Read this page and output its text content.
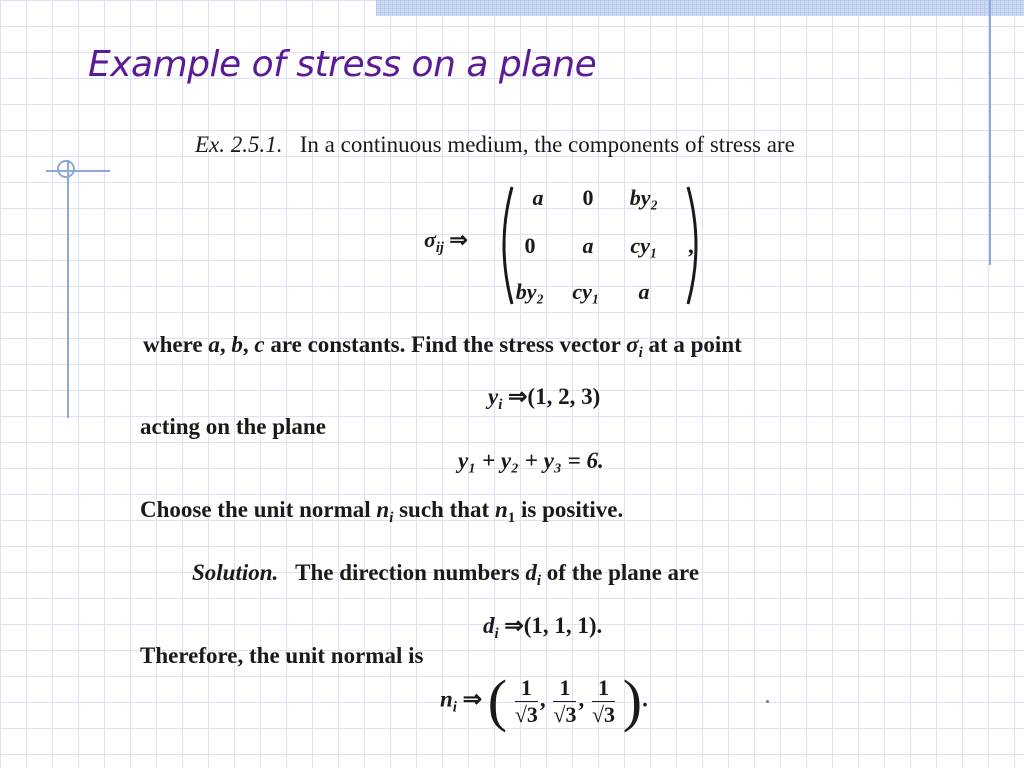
Example of stress on a plane
Ex. 2.5.1. In a continuous medium, the components of stress are
$\sigma_{ij}$ ⇒
a	0	by₂
0	a	cy₁
by₂	cy₁	a
,
where a, b, c are constants. Find the stress vector $\sigma_i$ at a point
$y_i$ ⇒(1, 2, 3)
acting on the plane
y₁ + y₂ + y₃ = 6.
Choose the unit normal $n_i$ such that $n_1$ is positive.
Solution. The direction numbers $d_i$ of the plane are
$d_i$ ⇒(1, 1, 1).
Therefore, the unit normal is
$n_i$ ⇒ ( $\frac{1}{√3}$ , $\frac{1}{√3}$ , $\frac{1}{√3}$ ).
